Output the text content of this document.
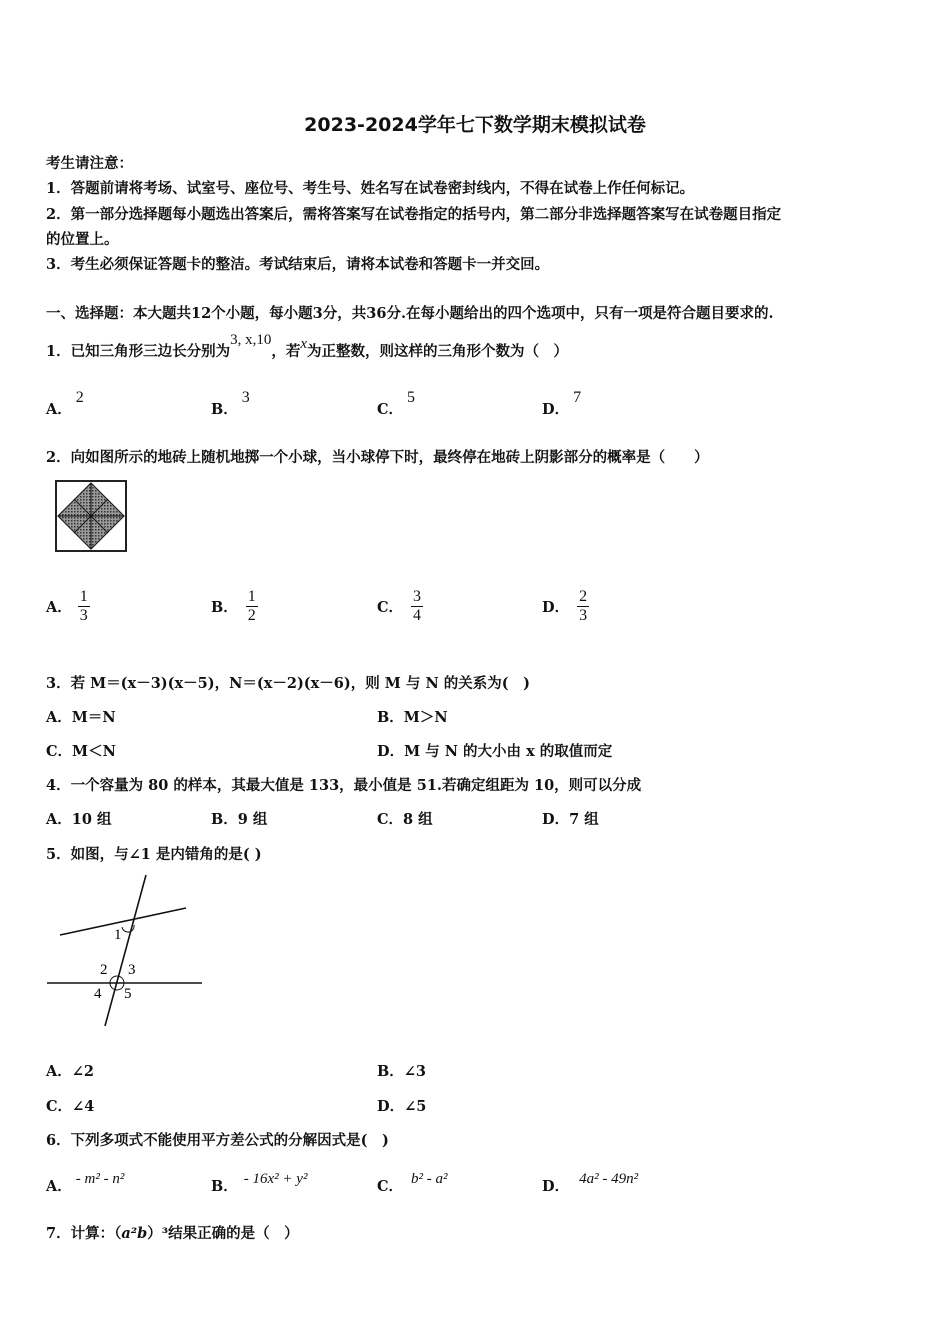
2023-2024学年七下数学期末模拟试卷
考生请注意：
1．答题前请将考场、试室号、座位号、考生号、姓名写在试卷密封线内，不得在试卷上作任何标记。
2．第一部分选择题每小题选出答案后，需将答案写在试卷指定的括号内，第二部分非选择题答案写在试卷题目指定
的位置上。
3．考生必须保证答题卡的整洁。考试结束后，请将本试卷和答题卡一并交回。
一、选择题：本大题共12个小题，每小题3分，共36分.在每小题给出的四个选项中，只有一项是符合题目要求的.
1．已知三角形三边长分别为3, x,10，若x为正整数，则这样的三角形个数为（　）
A．2
B．3
C．5
D．7
2．向如图所示的地砖上随机地掷一个小球，当小球停下时，最终停在地砖上阴影部分的概率是（　　）
A． $\frac{1}{3}$	B． $\frac{1}{2}$	C． $\frac{3}{4}$	D． $\frac{2}{3}$
3．若 M＝(x－3)(x－5)，N＝(x－2)(x－6)，则 M 与 N 的关系为(　)
A．M＝N	B．M＞N
C．M＜N	D．M 与 N 的大小由 x 的取值而定
4．一个容量为 80 的样本，其最大值是 133，最小值是 51.若确定组距为 10，则可以分成
A．10 组	B．9 组	C．8 组	D．7 组
5．如图，与∠1 是内错角的是( )
1
2 3
4 5
A．∠2	B．∠3
C．∠4	D．∠5
6．下列多项式不能使用平方差公式的分解因式是(　)
A． - m² - n²	B． - 16x² + y²	C． b² - a²	D． 4a² - 49n²
7．计算：（a²b）³结果正确的是（　）
